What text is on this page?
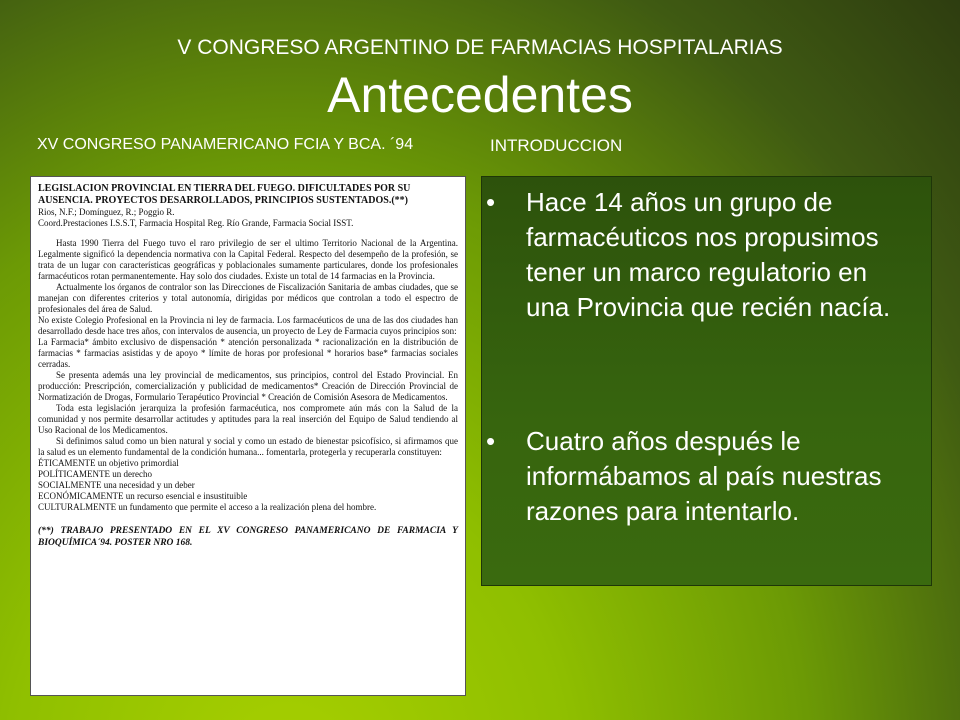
V CONGRESO ARGENTINO DE FARMACIAS HOSPITALARIAS
Antecedentes
XV CONGRESO PANAMERICANO FCIA Y BCA. ´94	INTRODUCCION

LEGISLACION PROVINCIAL EN TIERRA DEL FUEGO. DIFICULTADES POR SU AUSENCIA. PROYECTOS DESARROLLADOS, PRINCIPIOS SUSTENTADOS.(**)

Rios, N.F.; Domínguez, R.; Poggio R.

Coord.Prestaciones I.S.S.T, Farmacia Hospital Reg. Río Grande, Farmacia Social ISST.

Hasta 1990 Tierra del Fuego tuvo el raro privilegio de ser el ultimo Territorio Nacional de la Argentina. Legalmente significó la dependencia normativa con la Capital Federal. Respecto del desempeño de la profesión, se trata de un lugar con características geográficas y poblacionales sumamente particulares, donde los profesionales farmacéuticos rotan permanentemente. Hay solo dos ciudades. Existe un total de 14 farmacias en la Provincia.

Actualmente los órganos de contralor son las Direcciones de Fiscalización Sanitaria de ambas ciudades, que se manejan con diferentes criterios y total autonomía, dirigidas por médicos que controlan a todo el espectro de profesionales del área de Salud.

No existe Colegio Profesional en la Provincia ni ley de farmacia. Los farmacéuticos de una de las dos ciudades han desarrollado desde hace tres años, con intervalos de ausencia, un proyecto de Ley de Farmacia cuyos principios son:

La Farmacia* ámbito exclusivo de dispensación * atención personalizada * racionalización en la distribución de farmacias * farmacias asistidas y de apoyo * límite de horas por profesional * horarios base* farmacias sociales cerradas.

Se presenta además una ley provincial de medicamentos, sus principios, control del Estado Provincial. En producción: Prescripción, comercialización y publicidad de medicamentos* Creación de Dirección Provincial de Normatización de Drogas, Formulario Terapéutico Provincial * Creación de Comisión Asesora de Medicamentos.

Toda esta legislación jerarquiza la profesión farmacéutica, nos compromete aún más con la Salud de la comunidad y nos permite desarrollar actitudes y aptitudes para la real inserción del Equipo de Salud tendiendo al Uso Racional de los Medicamentos.

Si definimos salud como un bien natural y social y como un estado de bienestar psicofísico, si afirmamos que la salud es un elemento fundamental de la condición humana... fomentarla, protegerla y recuperarla constituyen:

ÉTICAMENTE un objetivo primordial

POLÍTICAMENTE un derecho

SOCIALMENTE una necesidad y un deber

ECONÓMICAMENTE un recurso esencial e insustituible

CULTURALMENTE un fundamento que permite el acceso a la realización plena del hombre.

(**) TRABAJO PRESENTADO EN EL XV CONGRESO PANAMERICANO DE FARMACIA Y BIOQUÍMICA´94. POSTER NRO 168.

• Hace 14 años un grupo de farmacéuticos nos propusimos tener un marco regulatorio en una Provincia que recién nacía.
• Cuatro años después le informábamos al país nuestras razones para intentarlo.
